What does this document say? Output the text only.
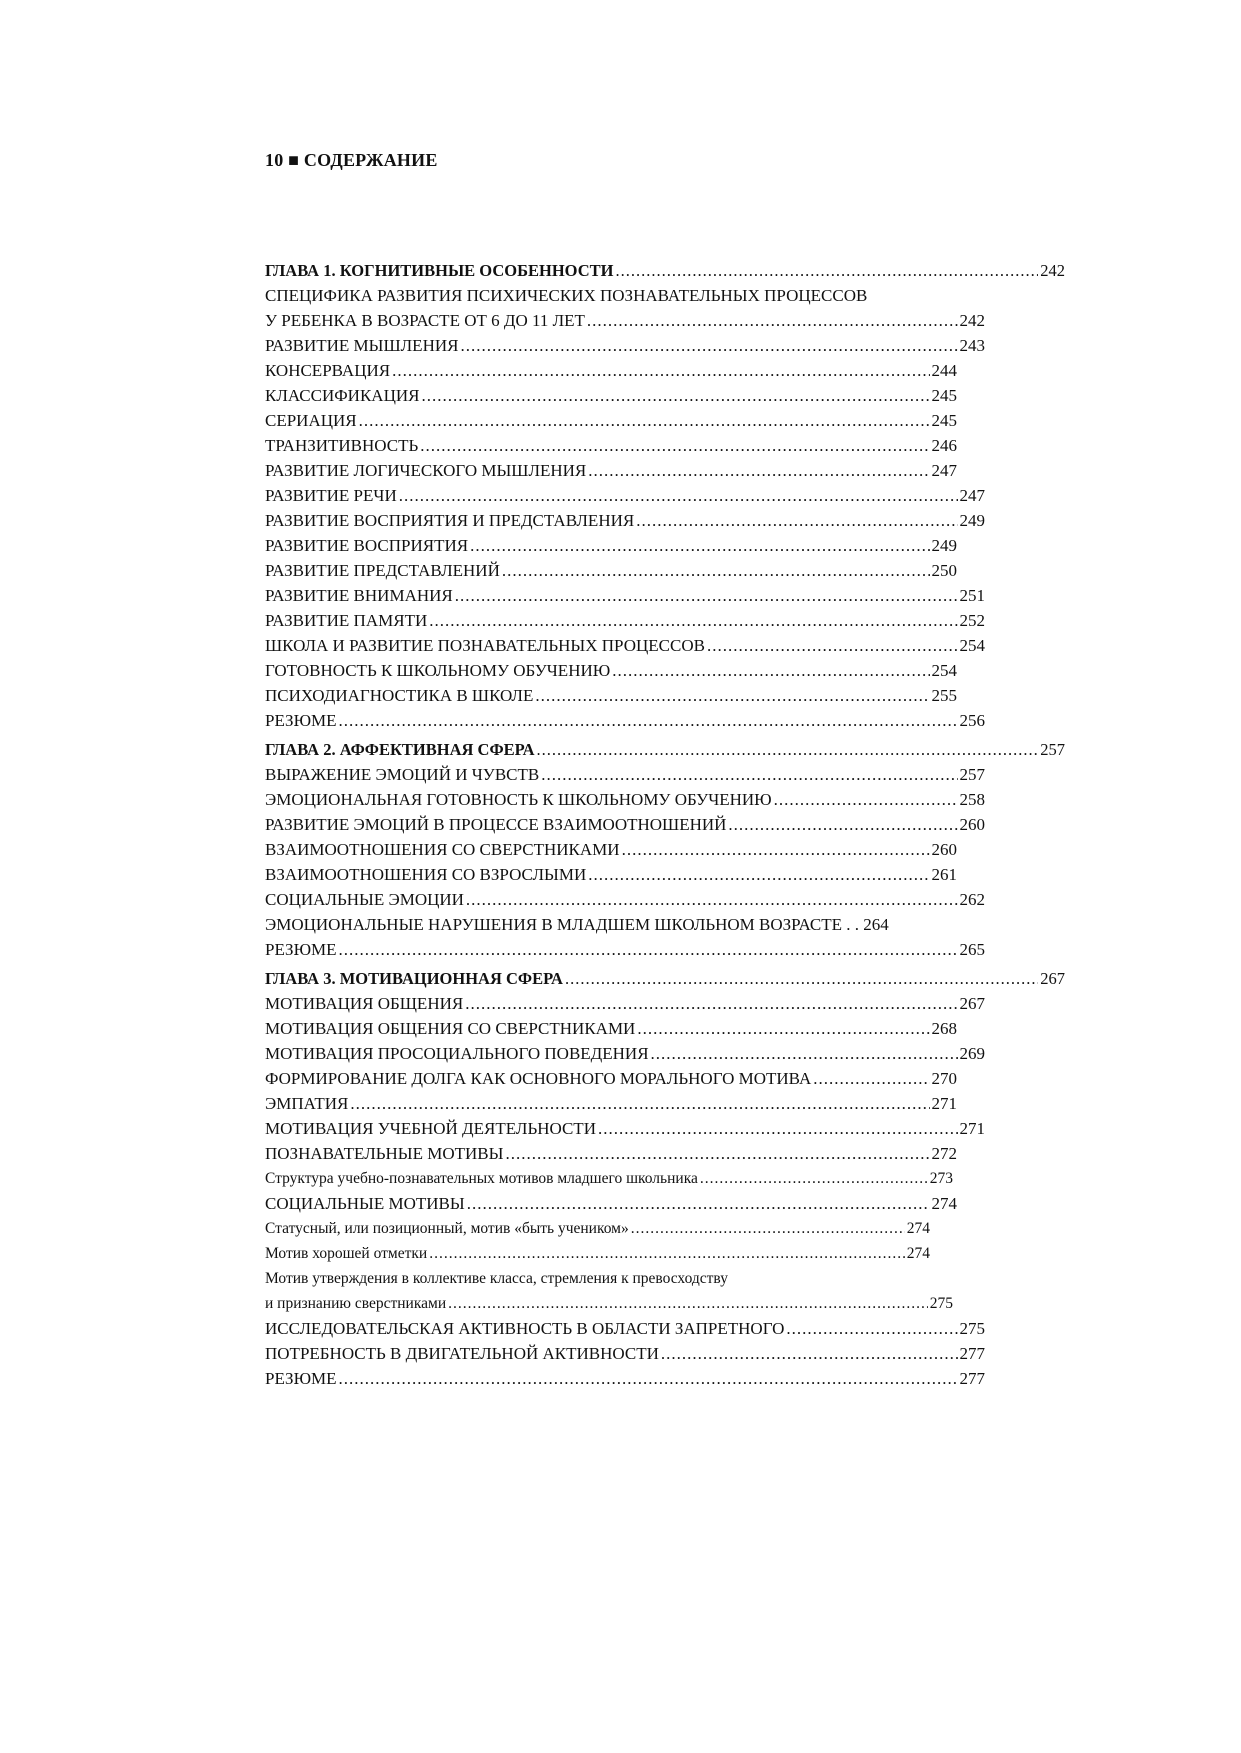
10 ■ СОДЕРЖАНИЕ
ГЛАВА 1. КОГНИТИВНЫЕ ОСОБЕННОСТИ .....	242
СПЕЦИФИКА РАЗВИТИЯ ПСИХИЧЕСКИХ ПОЗНАВАТЕЛЬНЫХ ПРОЦЕССОВ
У РЕБЕНКА В ВОЗРАСТЕ ОТ 6 ДО 11 ЛЕТ .....	242
РАЗВИТИЕ МЫШЛЕНИЯ .....	243
КОНСЕРВАЦИЯ .....	244
КЛАССИФИКАЦИЯ .....	245
СЕРИАЦИЯ .....	245
ТРАНЗИТИВНОСТЬ .....	246
РАЗВИТИЕ ЛОГИЧЕСКОГО МЫШЛЕНИЯ .....	247
РАЗВИТИЕ РЕЧИ .....	247
РАЗВИТИЕ ВОСПРИЯТИЯ И ПРЕДСТАВЛЕНИЯ .....	249
РАЗВИТИЕ ВОСПРИЯТИЯ .....	249
РАЗВИТИЕ ПРЕДСТАВЛЕНИЙ .....	250
РАЗВИТИЕ ВНИМАНИЯ .....	251
РАЗВИТИЕ ПАМЯТИ .....	252
ШКОЛА И РАЗВИТИЕ ПОЗНАВАТЕЛЬНЫХ ПРОЦЕССОВ .....	254
ГОТОВНОСТЬ К ШКОЛЬНОМУ ОБУЧЕНИЮ .....	254
ПСИХОДИАГНОСТИКА В ШКОЛЕ .....	255
РЕЗЮМЕ .....	256
ГЛАВА 2. АФФЕКТИВНАЯ СФЕРА .....	257
ВЫРАЖЕНИЕ ЭМОЦИЙ И ЧУВСТВ .....	257
ЭМОЦИОНАЛЬНАЯ ГОТОВНОСТЬ К ШКОЛЬНОМУ ОБУЧЕНИЮ .....	258
РАЗВИТИЕ ЭМОЦИЙ В ПРОЦЕССЕ ВЗАИМООТНОШЕНИЙ .....	260
ВЗАИМООТНОШЕНИЯ СО СВЕРСТНИКАМИ .....	260
ВЗАИМООТНОШЕНИЯ СО ВЗРОСЛЫМИ .....	261
СОЦИАЛЬНЫЕ ЭМОЦИИ .....	262
ЭМОЦИОНАЛЬНЫЕ НАРУШЕНИЯ В МЛАДШЕМ ШКОЛЬНОМ ВОЗРАСТЕ . . 264
РЕЗЮМЕ .....	265
ГЛАВА 3. МОТИВАЦИОННАЯ СФЕРА .....	267
МОТИВАЦИЯ ОБЩЕНИЯ .....	267
МОТИВАЦИЯ ОБЩЕНИЯ СО СВЕРСТНИКАМИ .....	268
МОТИВАЦИЯ ПРОСОЦИАЛЬНОГО ПОВЕДЕНИЯ .....	269
ФОРМИРОВАНИЕ ДОЛГА КАК ОСНОВНОГО МОРАЛЬНОГО МОТИВА .....	270
ЭМПАТИЯ .....	271
МОТИВАЦИЯ УЧЕБНОЙ ДЕЯТЕЛЬНОСТИ .....	271
ПОЗНАВАТЕЛЬНЫЕ МОТИВЫ .....	272
Структура учебно-познавательных мотивов младшего школьника .....	273
СОЦИАЛЬНЫЕ МОТИВЫ .....	274
Статусный, или позиционный, мотив «быть учеником» .....	274
Мотив хорошей отметки .....	274
Мотив утверждения в коллективе класса, стремления к превосходству
и признанию сверстниками .....	275
ИССЛЕДОВАТЕЛЬСКАЯ АКТИВНОСТЬ В ОБЛАСТИ ЗАПРЕТНОГО .....	275
ПОТРЕБНОСТЬ В ДВИГАТЕЛЬНОЙ АКТИВНОСТИ .....	277
РЕЗЮМЕ .....	277
